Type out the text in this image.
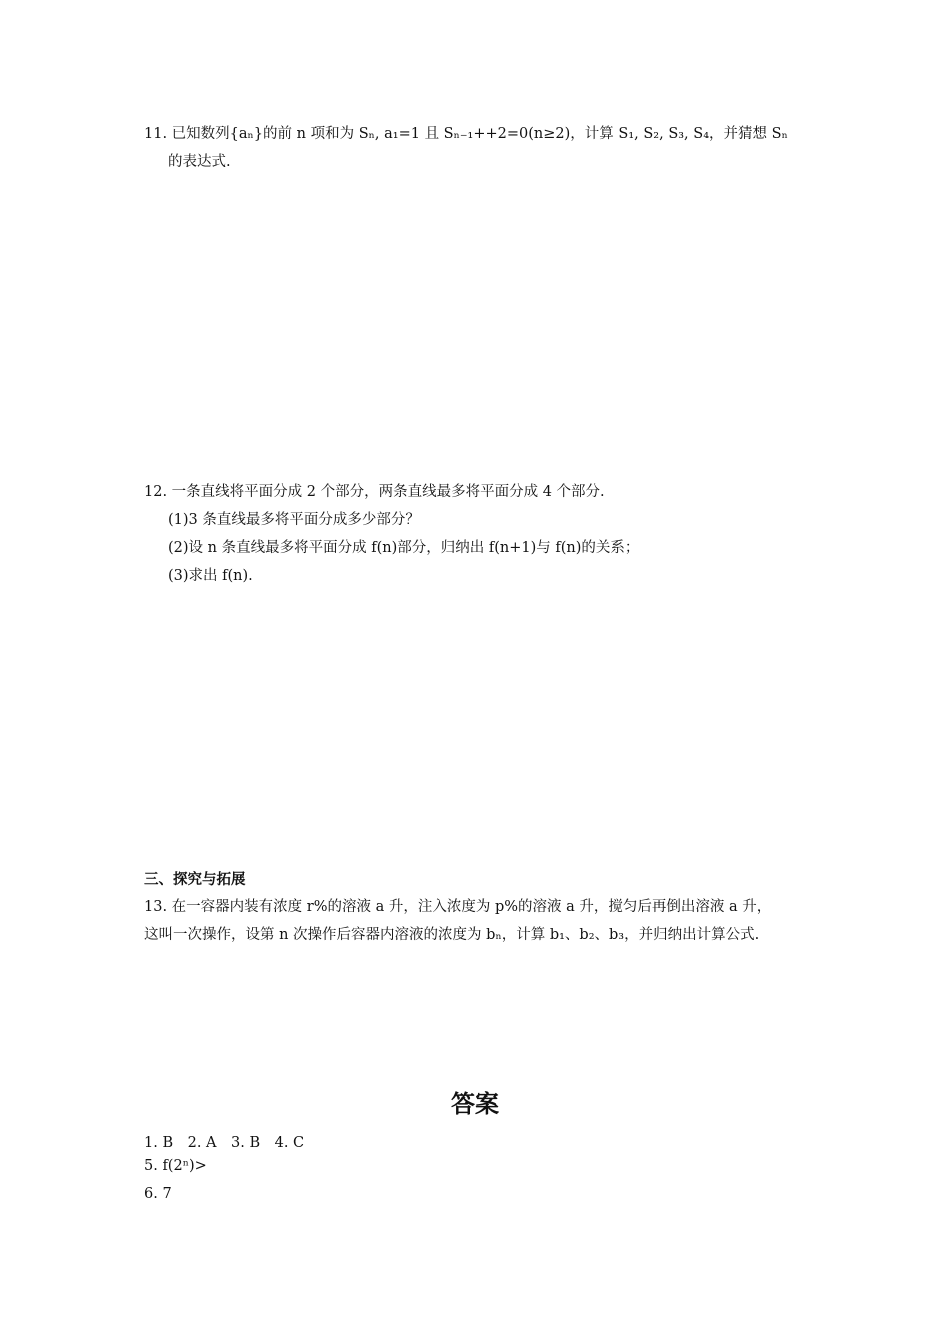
11. 已知数列{aₙ}的前 n 项和为 Sₙ, a₁=1 且 Sₙ₋₁++2=0(n≥2)，计算 S₁, S₂, S₃, S₄，并猜想 Sₙ
的表达式.
12. 一条直线将平面分成 2 个部分，两条直线最多将平面分成 4 个部分.
(1)3 条直线最多将平面分成多少部分？
(2)设 n 条直线最多将平面分成 f(n)部分，归纳出 f(n+1)与 f(n)的关系；
(3)求出 f(n).
三、探究与拓展
13. 在一容器内装有浓度 r%的溶液 a 升，注入浓度为 p%的溶液 a 升，搅匀后再倒出溶液 a 升，
这叫一次操作，设第 n 次操作后容器内溶液的浓度为 bₙ，计算 b₁、b₂、b₃，并归纳出计算公式.
答案
1. B　2. A　3. B　4. C
5. f(2ⁿ)>
6. 7
